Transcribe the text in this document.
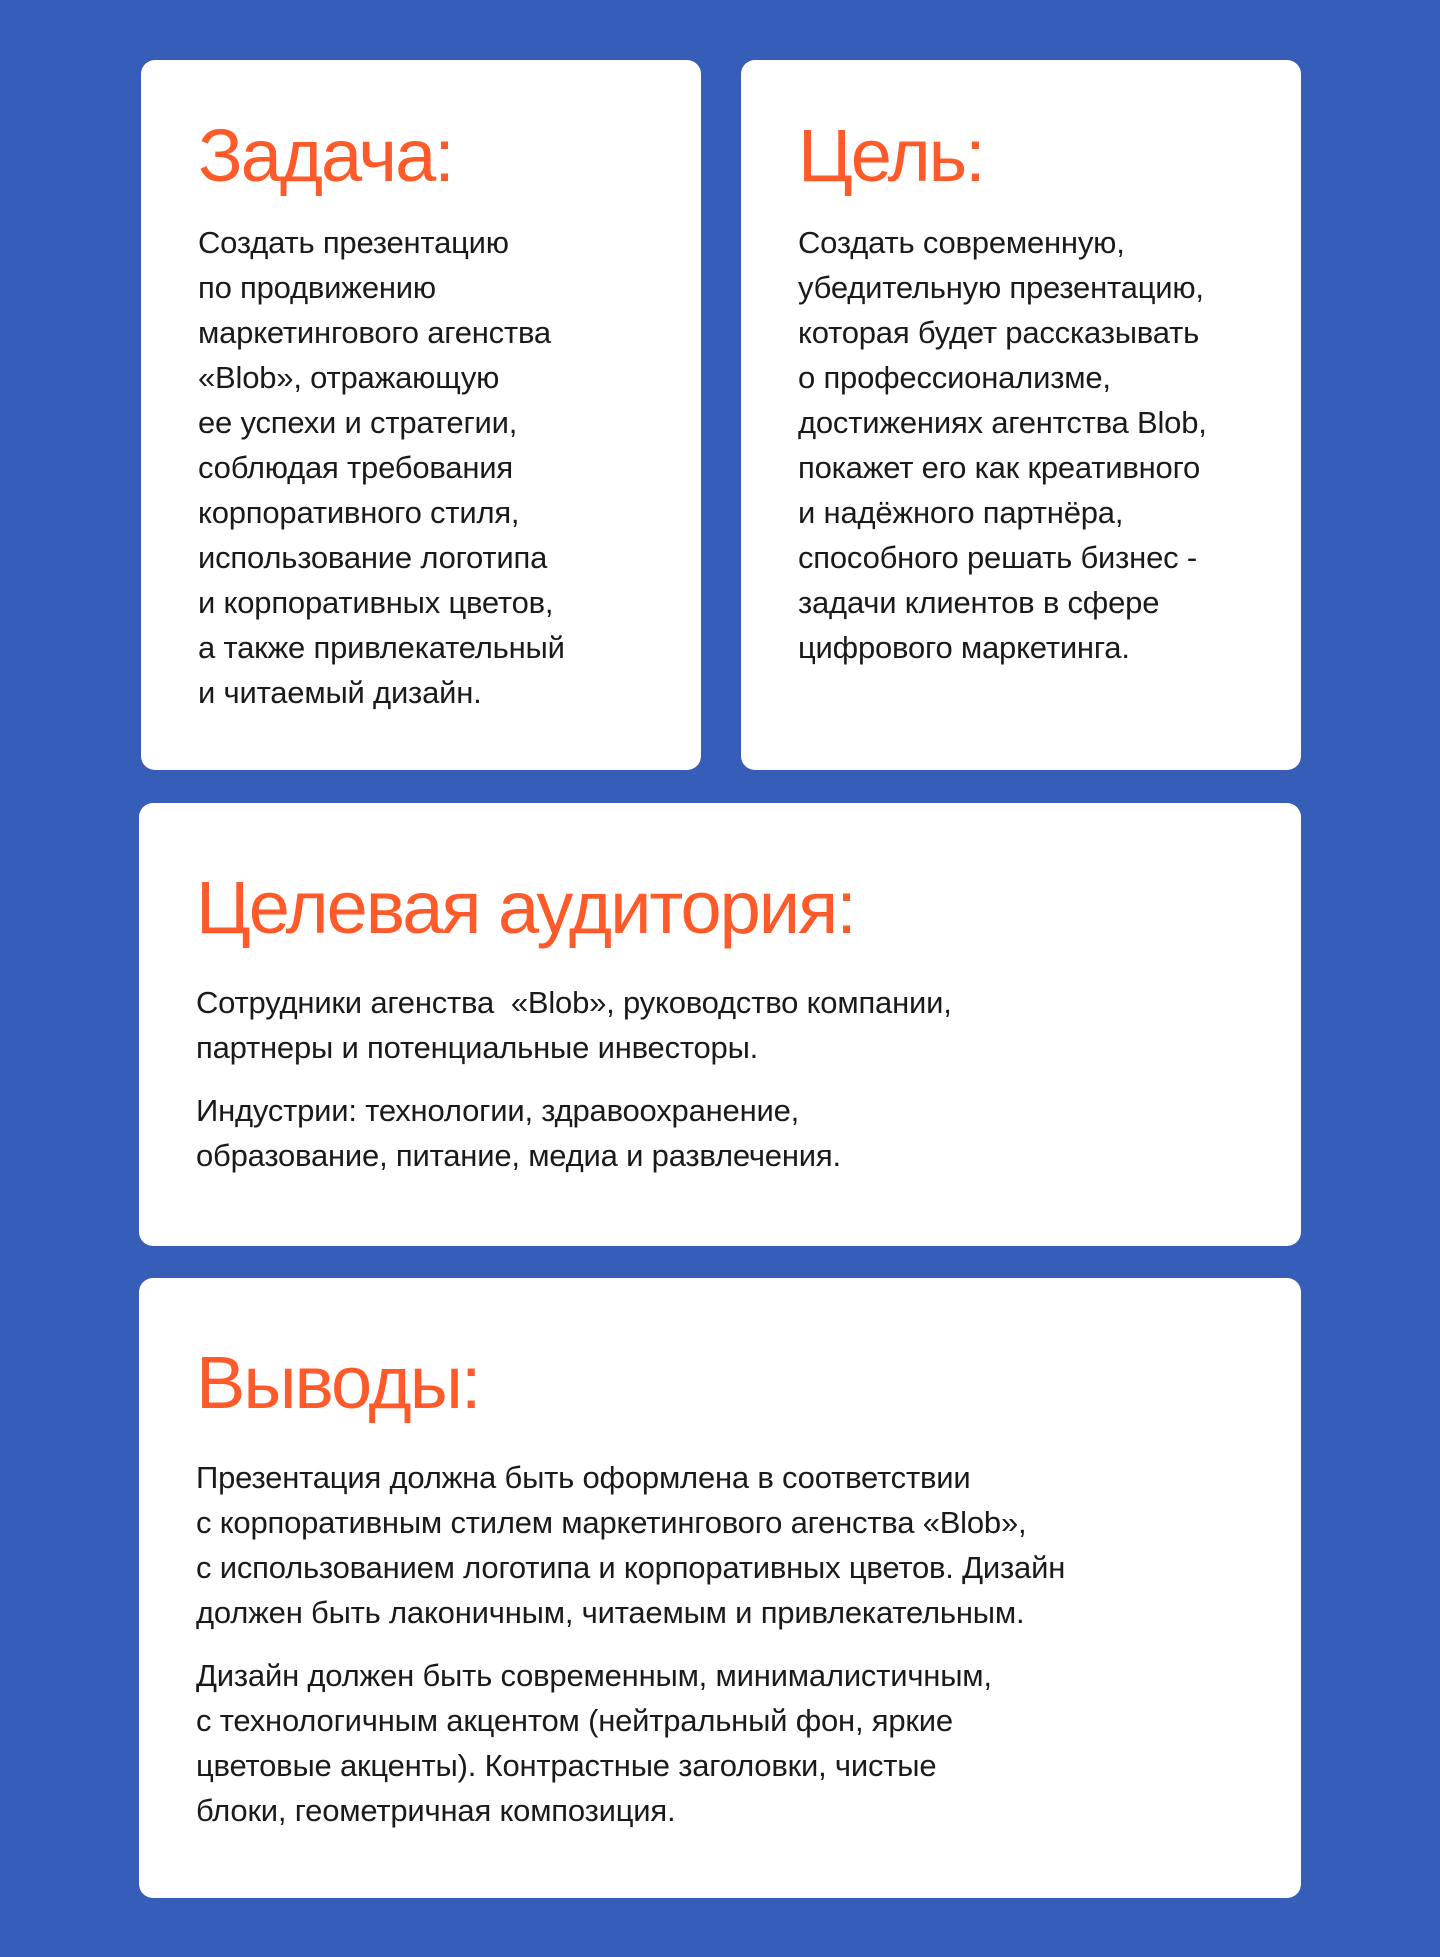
Задача:
Создать презентацию
по продвижению
маркетингового агенства
«Blob», отражающую
ее успехи и стратегии,
соблюдая требования
корпоративного стиля,
использование логотипа
и корпоративных цветов,
а также привлекательный
и читаемый дизайн.
Цель:
Создать современную,
убедительную презентацию,
которая будет рассказывать
о профессионализме,
достижениях агентства Blob,
покажет его как креативного
и надёжного партнёра,
способного решать бизнес -
задачи клиентов в сфере
цифрового маркетинга.
Целевая аудитория:
Сотрудники агенства  «Blob», руководство компании,
партнеры и потенциальные инвесторы.
Индустрии: технологии, здравоохранение,
образование, питание, медиа и развлечения.
Выводы:
Презентация должна быть оформлена в соответствии
с корпоративным стилем маркетингового агенства «Blob»,
с использованием логотипа и корпоративных цветов. Дизайн
должен быть лаконичным, читаемым и привлекательным.
Дизайн должен быть современным, минималистичным,
с технологичным акцентом (нейтральный фон, яркие
цветовые акценты). Контрастные заголовки, чистые
блоки, геометричная композиция.
